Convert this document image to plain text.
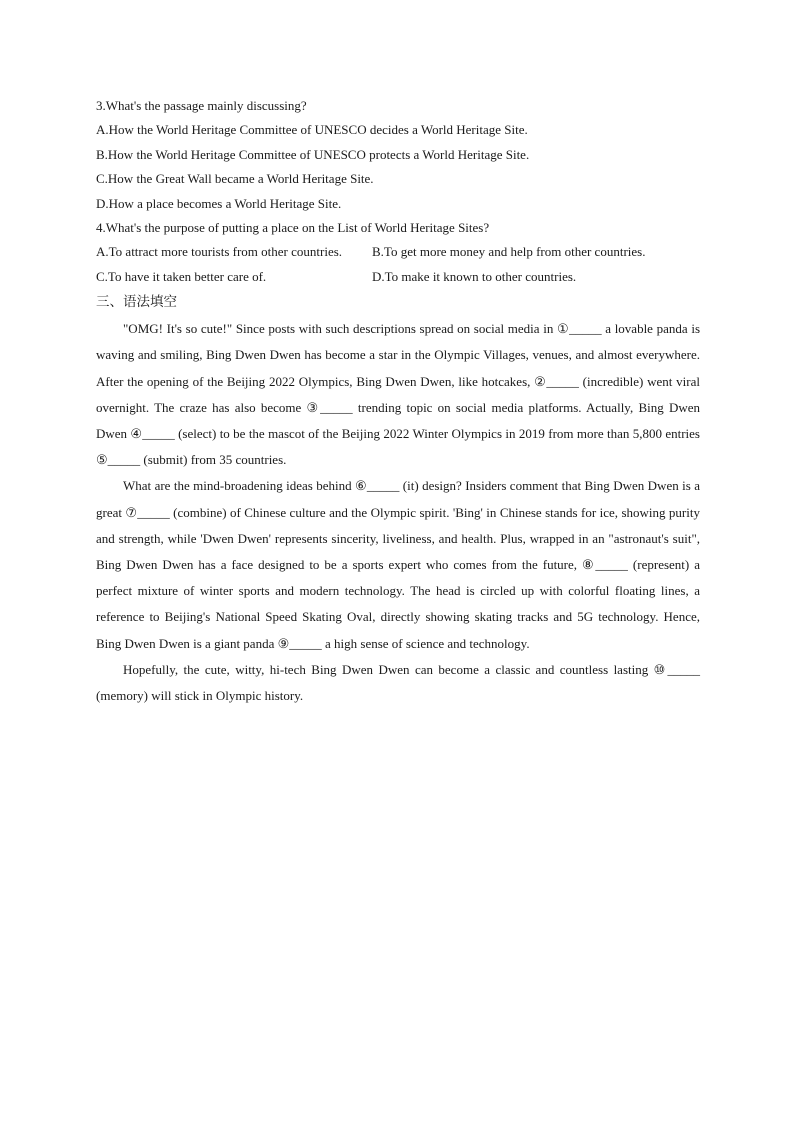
3.What's the passage mainly discussing?
A.How the World Heritage Committee of UNESCO decides a World Heritage Site.
B.How the World Heritage Committee of UNESCO protects a World Heritage Site.
C.How the Great Wall became a World Heritage Site.
D.How a place becomes a World Heritage Site.
4.What's the purpose of putting a place on the List of World Heritage Sites?
A.To attract more tourists from other countries.	B.To get more money and help from other countries.
C.To have it taken better care of.	D.To make it known to other countries.
三、语法填空

"OMG! It's so cute!" Since posts with such descriptions spread on social media in ①_____ a lovable panda is waving and smiling, Bing Dwen Dwen has become a star in the Olympic Villages, venues, and almost everywhere. After the opening of the Beijing 2022 Olympics, Bing Dwen Dwen, like hotcakes, ②_____ (incredible) went viral overnight. The craze has also become ③_____ trending topic on social media platforms. Actually, Bing Dwen Dwen ④_____ (select) to be the mascot of the Beijing 2022 Winter Olympics in 2019 from more than 5,800 entries ⑤_____ (submit) from 35 countries.

What are the mind-broadening ideas behind ⑥_____ (it) design? Insiders comment that Bing Dwen Dwen is a great ⑦_____ (combine) of Chinese culture and the Olympic spirit. 'Bing' in Chinese stands for ice, showing purity and strength, while 'Dwen Dwen' represents sincerity, liveliness, and health. Plus, wrapped in an "astronaut's suit", Bing Dwen Dwen has a face designed to be a sports expert who comes from the future, ⑧_____ (represent) a perfect mixture of winter sports and modern technology. The head is circled up with colorful floating lines, a reference to Beijing's National Speed Skating Oval, directly showing skating tracks and 5G technology. Hence, Bing Dwen Dwen is a giant panda ⑨_____ a high sense of science and technology.

Hopefully, the cute, witty, hi-tech Bing Dwen Dwen can become a classic and countless lasting ⑩_____ (memory) will stick in Olympic history.
